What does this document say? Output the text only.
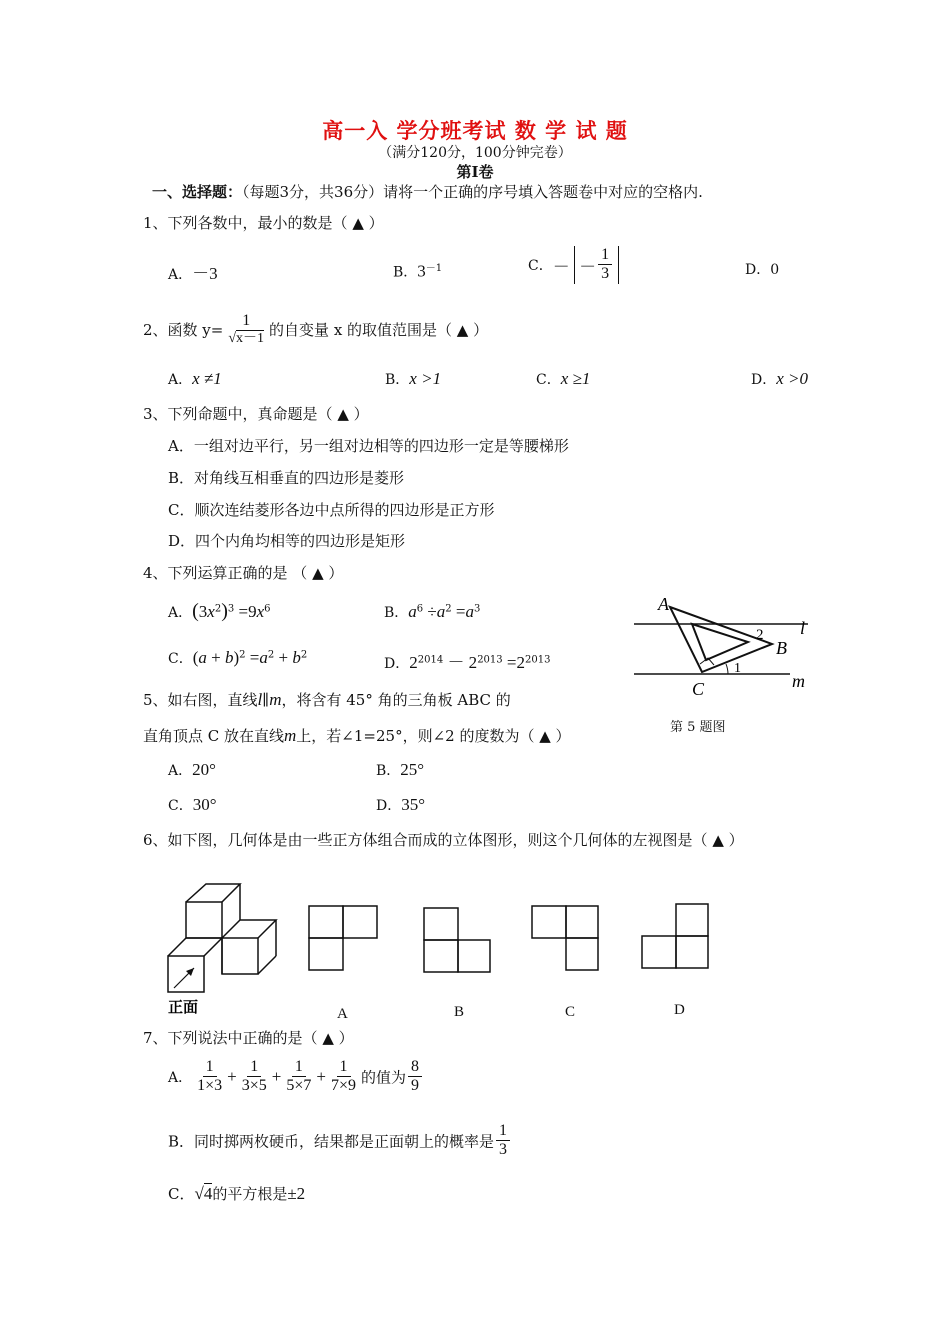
高一入 学分班考试 数 学 试 题
（满分120分，100分钟完卷）
第Ⅰ卷
一、选择题：（每题3分，共36分）请将一个正确的序号填入答题卷中对应的空格内.
1、下列各数中，最小的数是（ ▲ ）
A．－3	B．$3^{-1}$	C．－ － $\frac{1}{3}$	D．0
2、函数 $y= \frac{1}{√x-1}$ 的自变量 x 的取值范围是（ ▲ ）
A．x ≠1	B．x >1	C．x ≥1	D．x >0
3、下列命题中，真命题是（ ▲ ）
A．一组对边平行，另一组对边相等的四边形一定是等腰梯形
B．对角线互相垂直的四边形是菱形
C．顺次连结菱形各边中点所得的四边形是正方形
D．四个内角均相等的四边形是矩形
4、下列运算正确的是 （ ▲ ）
A．$(3x^2)^3 =9x^6$	B．$a^6 \div a^2 =a^3$
C．$(a + b)^2 =a^2 + b^2$
D．$2^{2014} - 2^{2013} =2^{2013}$
A
B
C
l
m
1
2
第 5 题图
5、如右图，直线l∥m，将含有 45° 角的三角板 ABC 的
直角顶点 C 放在直线m上，若∠1=25°，则∠2 的度数为（ ▲ ）
A．20°	B．25°
C．30°	D．35°
6、如下图，几何体是由一些正方体组合而成的立体图形，则这个几何体的左视图是（ ▲ ）
正面	A	B	C	D
7、下列说法中正确的是（ ▲ ）
A． $\frac{1}{1\times 3} + \frac{1}{3\times 5} + \frac{1}{5\times 7} + \frac{1}{7\times 9}$ 的值为 $\frac{8}{9}$
B．同时掷两枚硬币，结果都是正面朝上的概率是 $\frac{1}{3}$
C．√4的平方根是±2
